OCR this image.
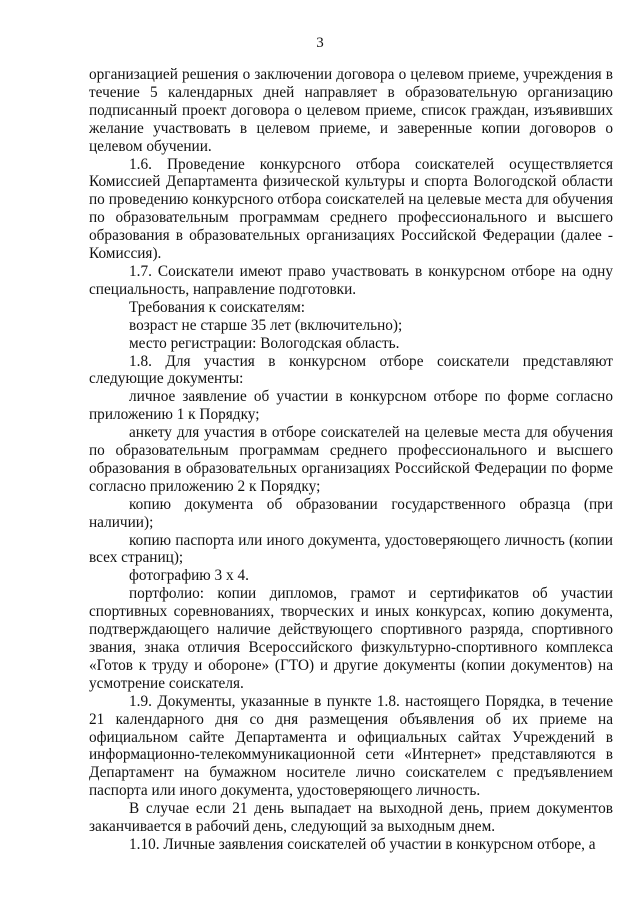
3

организацией решения о заключении договора о целевом приеме, учреждения в течение 5 календарных дней направляет в образовательную организацию подписанный проект договора о целевом приеме, список граждан, изъявивших желание участвовать в целевом приеме, и заверенные копии договоров о целевом обучении.

1.6. Проведение конкурсного отбора соискателей осуществляется Комиссией Департамента физической культуры и спорта Вологодской области по проведению конкурсного отбора соискателей на целевые места для обучения по образовательным программам среднего профессионального и высшего образования в образовательных организациях Российской Федерации (далее - Комиссия).

1.7. Соискатели имеют право участвовать в конкурсном отборе на одну специальность, направление подготовки.

Требования к соискателям:

возраст не старше 35 лет (включительно);

место регистрации: Вологодская область.

1.8. Для участия в конкурсном отборе соискатели представляют следующие документы:

личное заявление об участии в конкурсном отборе по форме согласно приложению 1 к Порядку;

анкету для участия в отборе соискателей на целевые места для обучения по образовательным программам среднего профессионального и высшего образования в образовательных организациях Российской Федерации по форме согласно приложению 2 к Порядку;

копию документа об образовании государственного образца (при наличии);

копию паспорта или иного документа, удостоверяющего личность (копии всех страниц);

фотографию 3 х 4.

портфолио: копии дипломов, грамот и сертификатов об участии спортивных соревнованиях, творческих и иных конкурсах, копию документа, подтверждающего наличие действующего спортивного разряда, спортивного звания, знака отличия Всероссийского физкультурно-спортивного комплекса «Готов к труду и обороне» (ГТО) и другие документы (копии документов) на усмотрение соискателя.

1.9. Документы, указанные в пункте 1.8. настоящего Порядка, в течение 21 календарного дня со дня размещения объявления об их приеме на официальном сайте Департамента и официальных сайтах Учреждений в информационно-телекоммуникационной сети «Интернет» представляются в Департамент на бумажном носителе лично соискателем с предъявлением паспорта или иного документа, удостоверяющего личность.

В случае если 21 день выпадает на выходной день, прием документов заканчивается в рабочий день, следующий за выходным днем.

1.10. Личные заявления соискателей об участии в конкурсном отборе, а
